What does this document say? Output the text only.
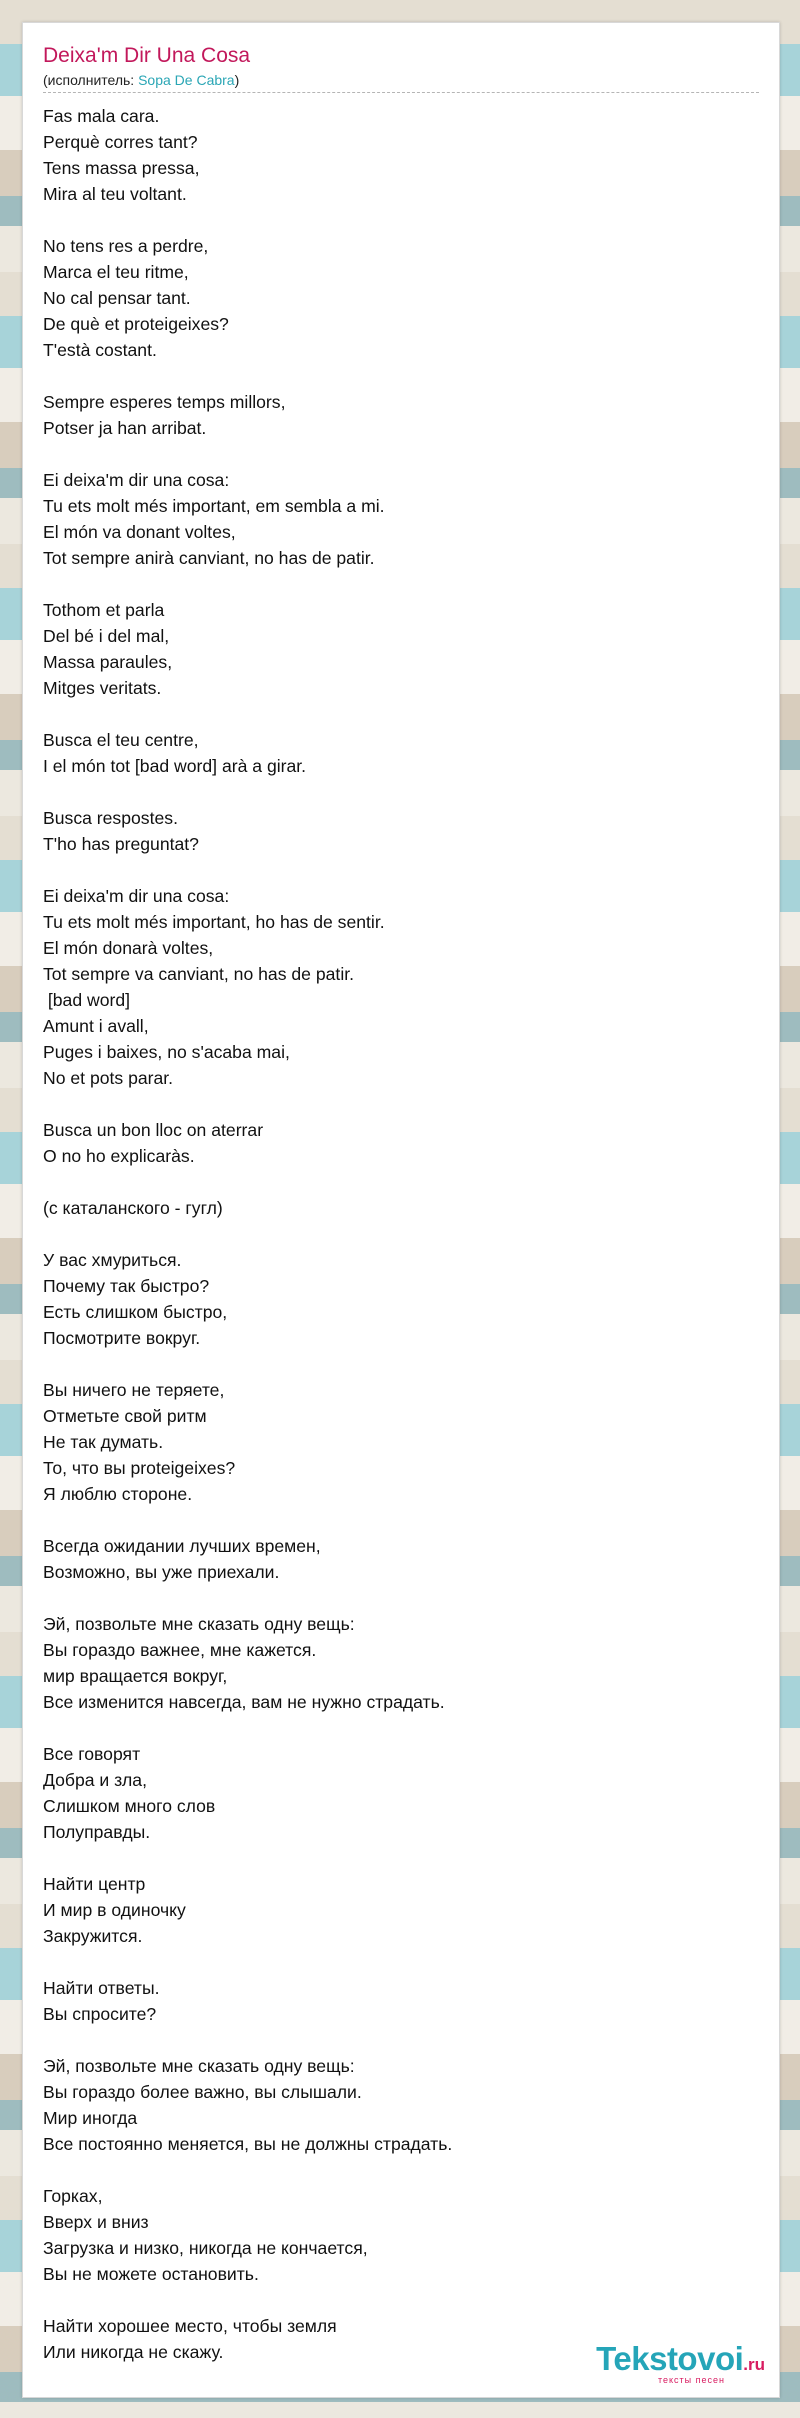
Deixa'm Dir Una Cosa
(исполнитель: Sopa De Cabra)
Fas mala cara.
Perquè corres tant?
Tens massa pressa,
Mira al teu voltant.

No tens res a perdre,
Marca el teu ritme,
No cal pensar tant.
De què et proteigeixes?
T'està costant.

Sempre esperes temps millors,
Potser ja han arribat.

Ei deixa'm dir una cosa:
Tu ets molt més important, em sembla a mi.
El món va donant voltes,
Tot sempre anirà canviant, no has de patir.

Tothom et parla
Del bé i del mal,
Massa paraules,
Mitges veritats.

Busca el teu centre,
I el món tot [bad word] arà a girar.

Busca respostes.
T'ho has preguntat?

Ei deixa'm dir una cosa:
Tu ets molt més important, ho has de sentir.
El món donarà voltes,
Tot sempre va canviant, no has de patir.
[bad word]
Amunt i avall,
Puges i baixes, no s'acaba mai,
No et pots parar.

Busca un bon lloc on aterrar
O no ho explicaràs.

(с каталанского - гугл)

У вас хмуриться.
Почему так быстро?
Есть слишком быстро,
Посмотрите вокруг.

Вы ничего не теряете,
Отметьте свой ритм
Не так думать.
То, что вы proteigeixes?
Я люблю стороне.

Всегда ожидании лучших времен,
Возможно, вы уже приехали.

Эй, позвольте мне сказать одну вещь:
Вы гораздо важнее, мне кажется.
мир вращается вокруг,
Все изменится навсегда, вам не нужно страдать.

Все говорят
Добра и зла,
Слишком много слов
Полуправды.

Найти центр
И мир в одиночку
Закружится.

Найти ответы.
Вы спросите?

Эй, позвольте мне сказать одну вещь:
Вы гораздо более важно, вы слышали.
Мир иногда
Все постоянно меняется, вы не должны страдать.

Горках,
Вверх и вниз
Загрузка и низко, никогда не кончается,
Вы не можете остановить.

Найти хорошее место, чтобы земля
Или никогда не скажу.	Tekstovoi.ru
тексты песен
